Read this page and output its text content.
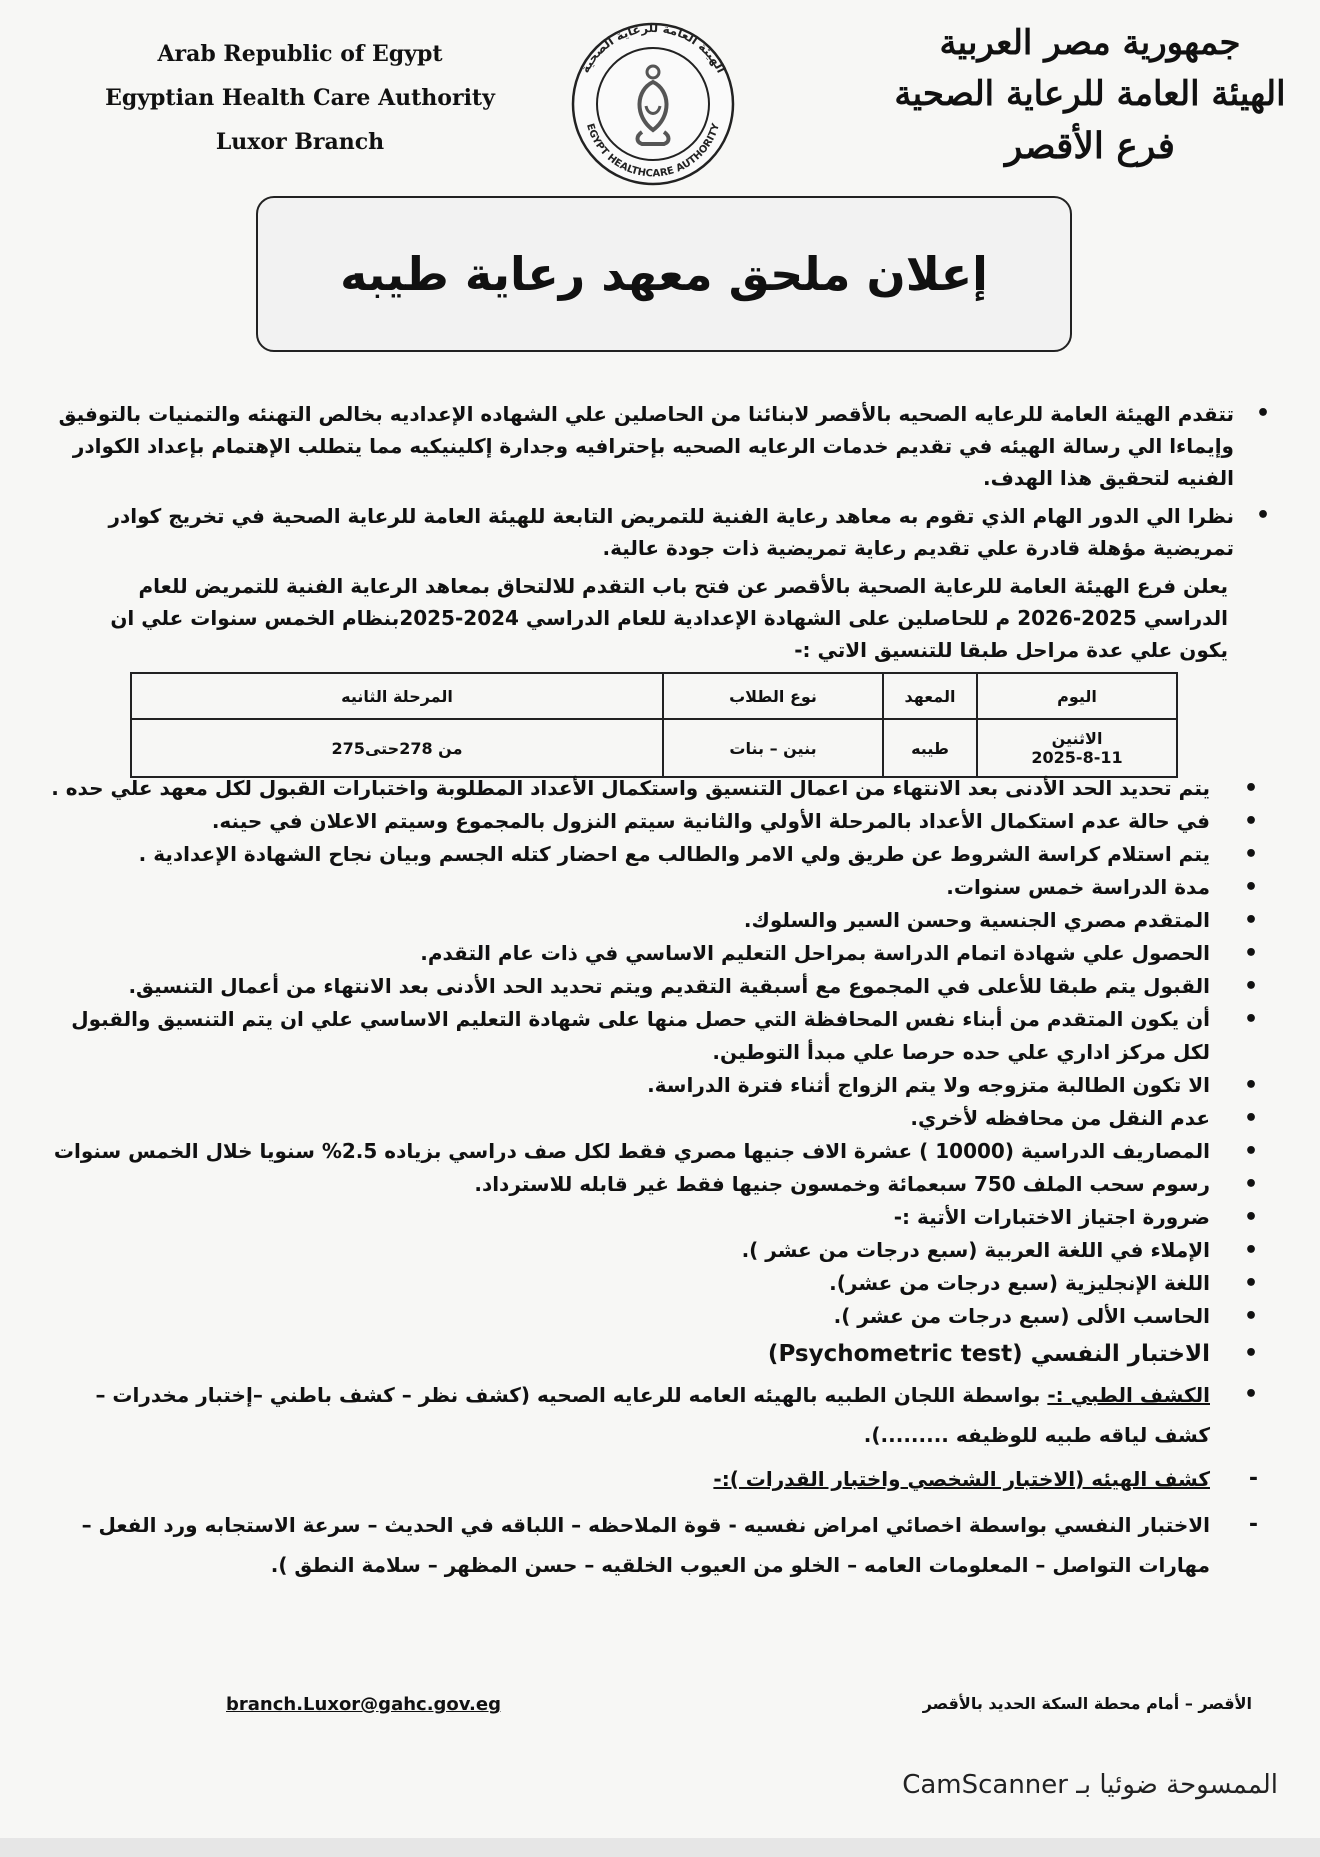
Arab Republic of Egypt
Egyptian Health Care Authority
Luxor Branch
الهيئة العامة للرعاية الصحية
EGYPT HEALTHCARE AUTHORITY
جمهورية مصر العربية
الهيئة العامة للرعاية الصحية
فرع الأقصر
إعلان ملحق معهد رعاية طيبه
•
تتقدم الهيئة العامة للرعايه الصحيه بالأقصر لابنائنا من الحاصلين علي الشهاده الإعداديه بخالص التهنئه والتمنيات بالتوفيق وإيماءا الي رسالة الهيئه في تقديم خدمات الرعايه الصحيه بإحترافيه وجدارة إكلينيكيه مما يتطلب الإهتمام بإعداد الكوادر الفنيه لتحقيق هذا الهدف.
•
نظرا الي الدور الهام الذي تقوم به معاهد رعاية الفنية للتمريض التابعة للهيئة العامة للرعاية الصحية في تخريج كوادر تمريضية مؤهلة قادرة علي تقديم رعاية تمريضية ذات جودة عالية.
يعلن فرع الهيئة العامة للرعاية الصحية بالأقصر عن فتح باب التقدم للالتحاق بمعاهد الرعاية الفنية للتمريض للعام الدراسي 2025-2026 م للحاصلين على الشهادة الإعدادية للعام الدراسي 2024-2025بنظام الخمس سنوات علي ان يكون علي عدة مراحل طبقا للتنسيق الاتي :-
اليوم	المعهد	نوع الطلاب	المرحلة الثانيه

الاثنين
2025-8-11	طيبه	بنين – بنات	من 278حتى275
•
يتم تحديد الحد الأدنى بعد الانتهاء من اعمال التنسيق واستكمال الأعداد المطلوبة واختبارات القبول لكل معهد علي حده .
•
في حالة عدم استكمال الأعداد بالمرحلة الأولي والثانية سيتم النزول بالمجموع وسيتم الاعلان في حينه.
•
يتم استلام كراسة الشروط عن طريق ولي الامر والطالب مع احضار كتله الجسم وبيان نجاح الشهادة الإعدادية .
•
مدة الدراسة خمس سنوات.
•
المتقدم مصري الجنسية وحسن السير والسلوك.
•
الحصول علي شهادة اتمام الدراسة بمراحل التعليم الاساسي في ذات عام التقدم.
•
القبول يتم طبقا للأعلى في المجموع مع أسبقية التقديم ويتم تحديد الحد الأدنى بعد الانتهاء من أعمال التنسيق.
•
أن يكون المتقدم من أبناء نفس المحافظة التي حصل منها على شهادة التعليم الاساسي علي ان يتم التنسيق والقبول لكل مركز اداري علي حده حرصا علي مبدأ التوطين.
•
الا تكون الطالبة متزوجه ولا يتم الزواج أثناء فترة الدراسة.
•
عدم النقل من محافظه لأخري.
•
المصاريف الدراسية (10000 ) عشرة الاف جنيها مصري فقط لكل صف دراسي بزياده 2.5% سنويا خلال الخمس سنوات
•
رسوم سحب الملف 750 سبعمائة وخمسون جنيها فقط غير قابله للاسترداد.
•
ضرورة اجتياز الاختبارات الأتية :-
•
الإملاء في اللغة العربية (سبع درجات من عشر ).
•
اللغة الإنجليزية (سبع درجات من عشر).
•
الحاسب الألى (سبع درجات من عشر ).
•
الاختبار النفسي (Psychometric test)
•
الكشف الطبي :- بواسطة اللجان الطبيه بالهيئه العامه للرعايه الصحيه (كشف نظر – كشف باطني –إختبار مخدرات –كشف لياقه طبيه للوظيفه .........).
-
كشف الهيئه (الاختبار الشخصي واختبار القدرات ):-
-
الاختبار النفسي بواسطة اخصائي امراض نفسيه - قوة الملاحظه – اللباقه في الحديث – سرعة الاستجابه ورد الفعل – مهارات التواصل – المعلومات العامه – الخلو من العيوب الخلقيه – حسن المظهر – سلامة النطق ).
branch.Luxor@gahc.gov.eg	الأقصر – أمام محطة السكة الحديد بالأقصر
الممسوحة ضوئيا بـ CamScanner
